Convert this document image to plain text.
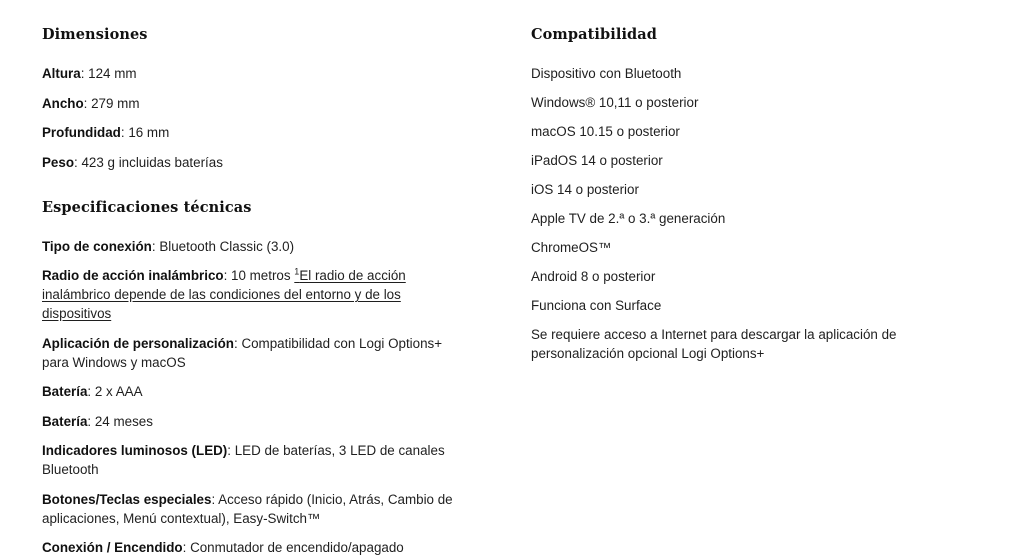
Dimensiones
Altura: 124 mm
Ancho: 279 mm
Profundidad: 16 mm
Peso: 423 g incluidas baterías
Especificaciones técnicas
Tipo de conexión: Bluetooth Classic (3.0)
Radio de acción inalámbrico: 10 metros $^1$El radio de acción inalámbrico depende de las condiciones del entorno y de los dispositivos
Aplicación de personalización: Compatibilidad con Logi Options+ para Windows y macOS
Batería: 2 x AAA
Batería: 24 meses
Indicadores luminosos (LED): LED de baterías, 3 LED de canales Bluetooth
Botones/Teclas especiales: Acceso rápido (Inicio, Atrás, Cambio de aplicaciones, Menú contextual), Easy-Switch™
Conexión / Encendido: Conmutador de encendido/apagado
Compatibilidad
Dispositivo con Bluetooth
Windows® 10,11 o posterior
macOS 10.15 o posterior
iPadOS 14 o posterior
iOS 14 o posterior
Apple TV de 2.ª o 3.ª generación
ChromeOS™
Android 8 o posterior
Funciona con Surface
Se requiere acceso a Internet para descargar la aplicación de personalización opcional Logi Options+
